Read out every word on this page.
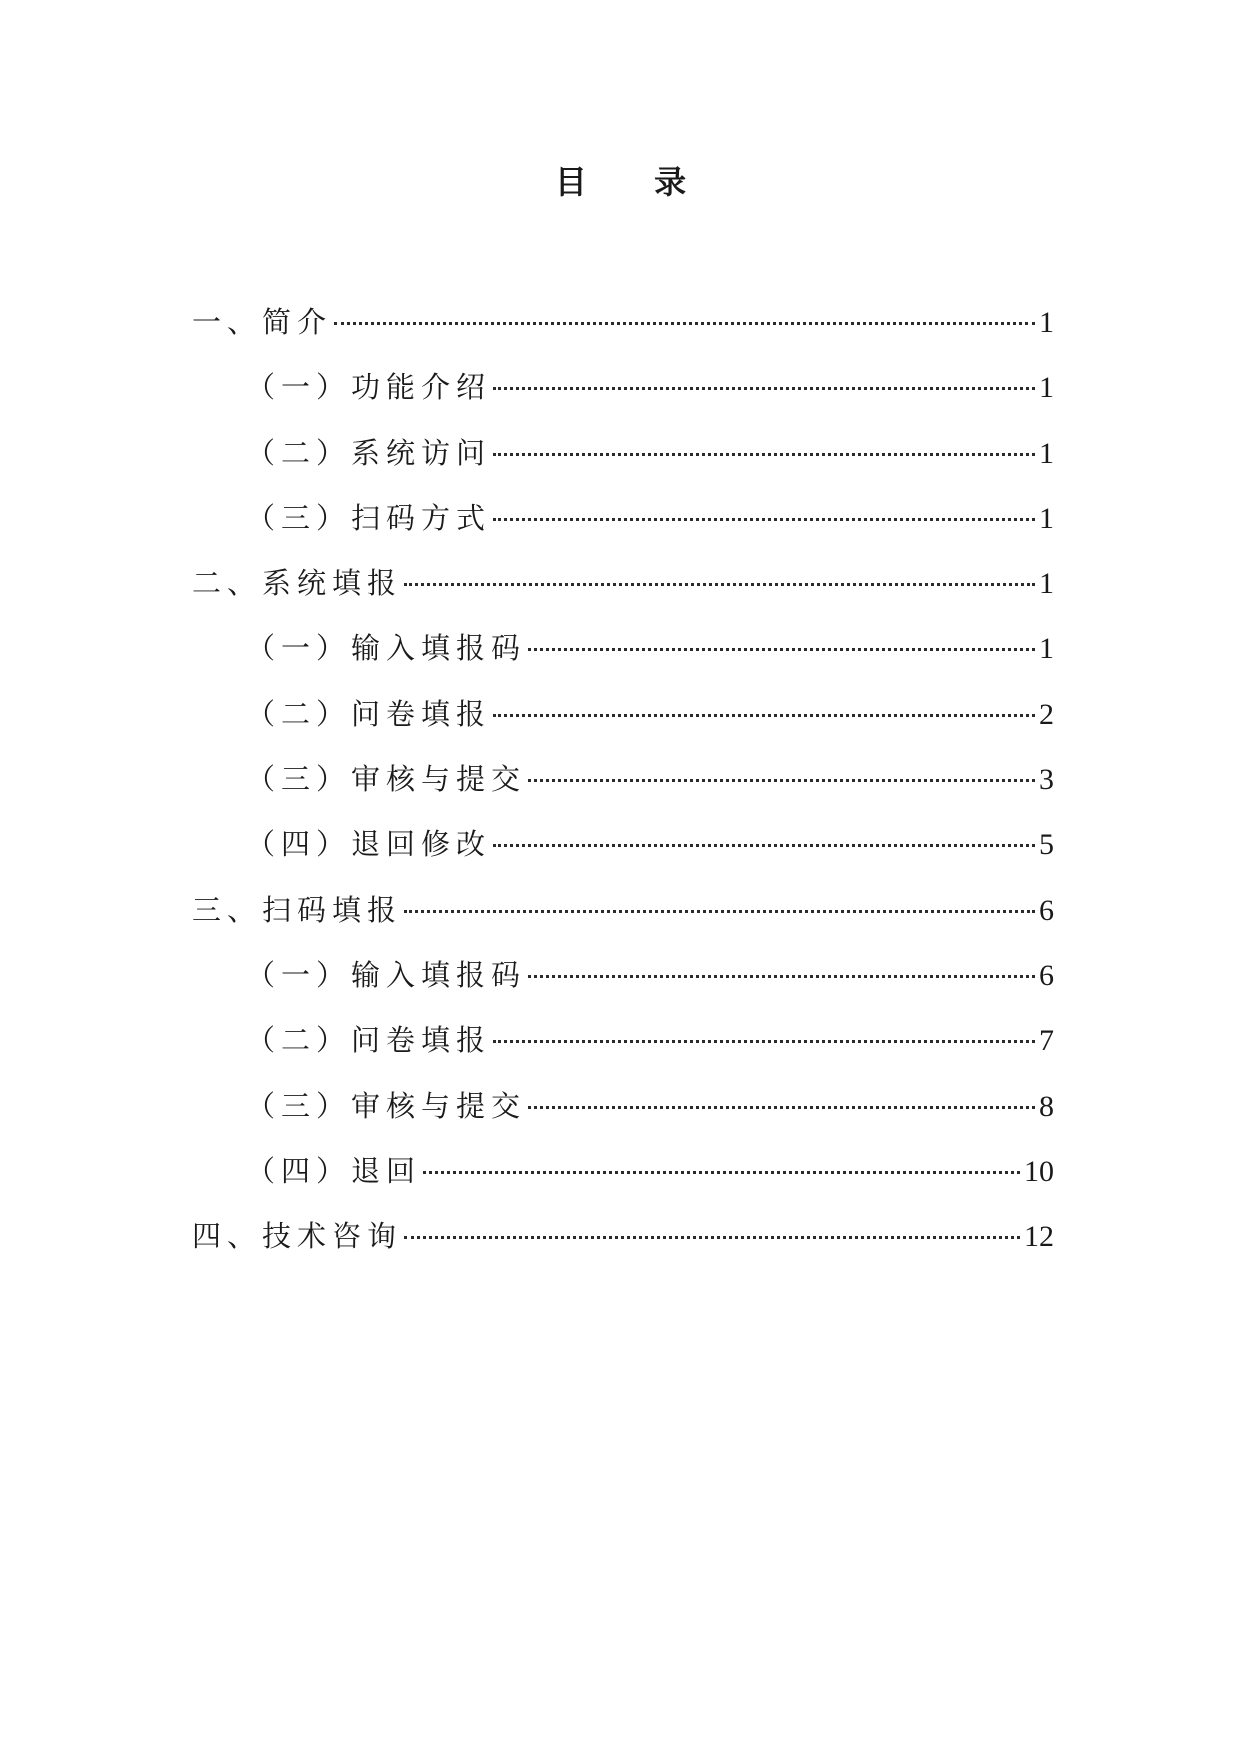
目 录
一、简介	1
（一）功能介绍	1
（二）系统访问	1
（三）扫码方式	1
二、系统填报	1
（一）输入填报码	1
（二）问卷填报	2
（三）审核与提交	3
（四）退回修改	5
三、扫码填报	6
（一）输入填报码	6
（二）问卷填报	7
（三）审核与提交	8
（四）退回	10
四、技术咨询	12
